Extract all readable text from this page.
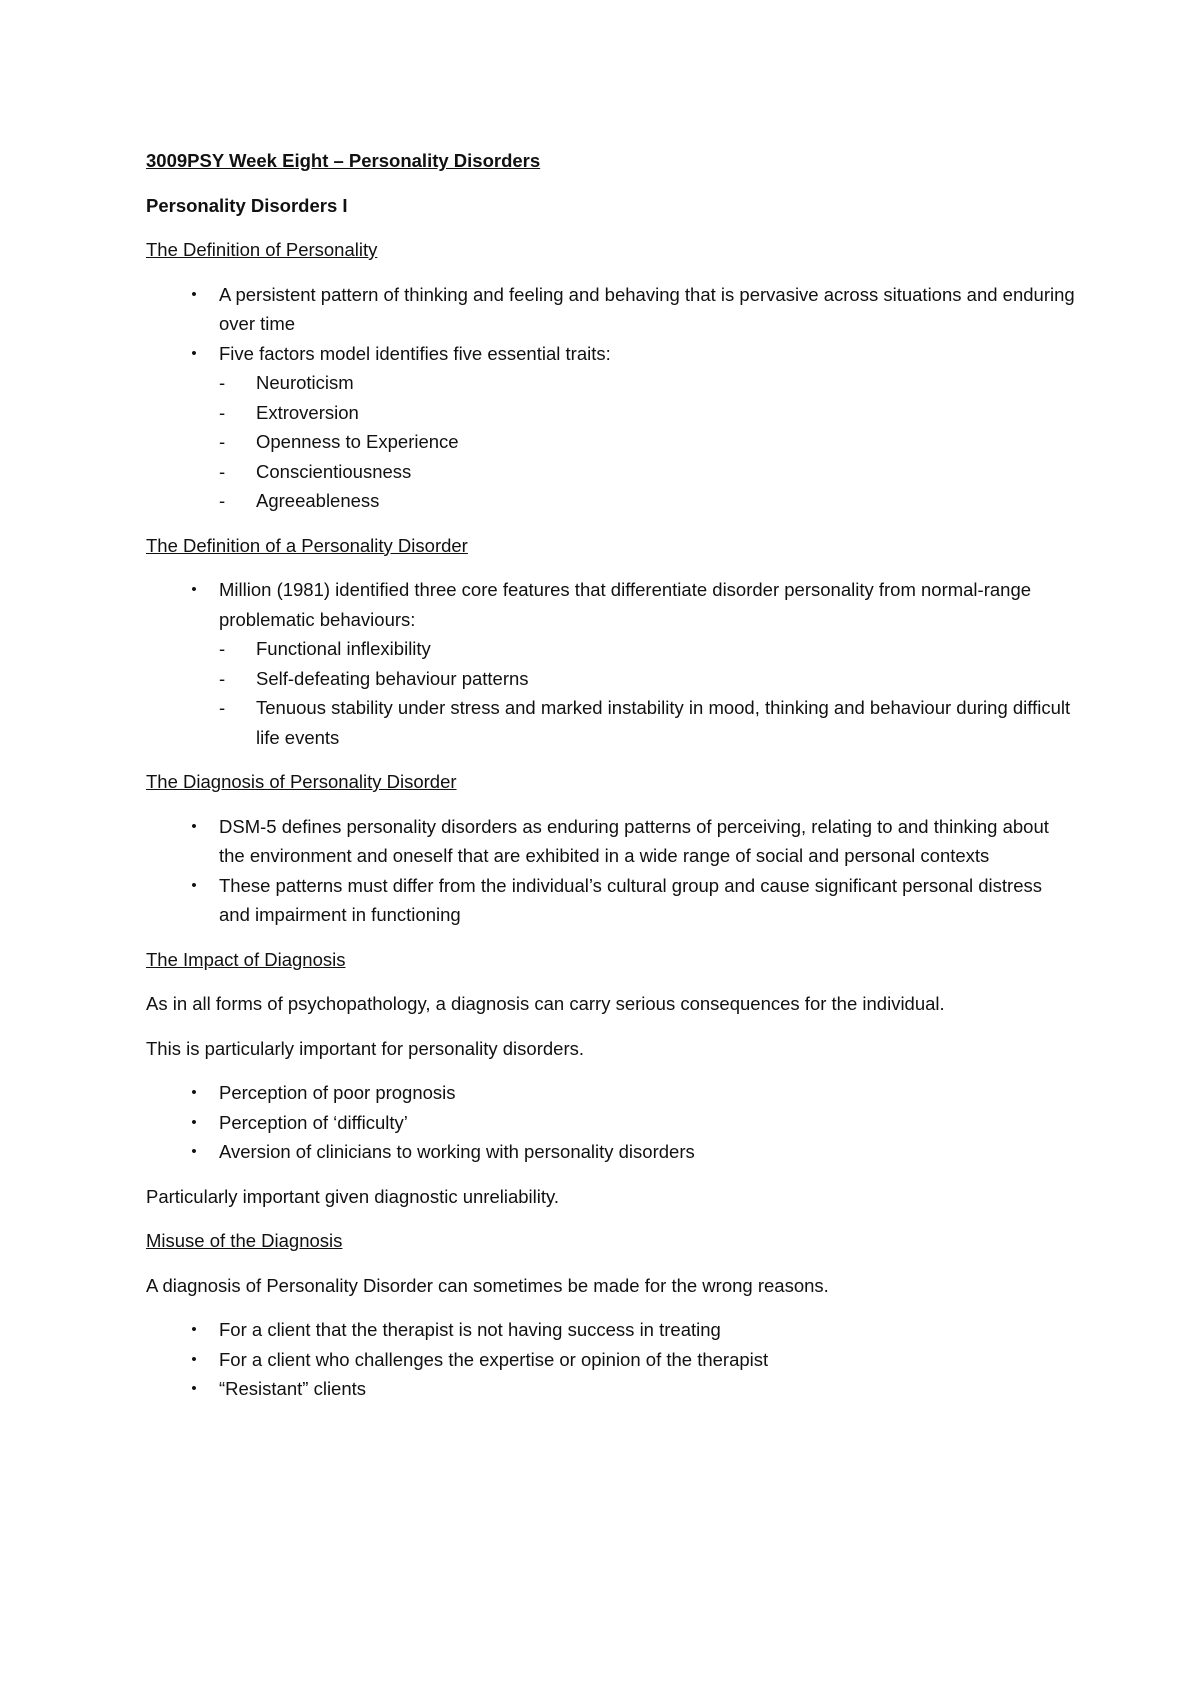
3009PSY Week Eight – Personality Disorders

Personality Disorders I

The Definition of Personality

•	A persistent pattern of thinking and feeling and behaving that is pervasive across situations and enduring over time
•	Five factors model identifies five essential traits:
-	Neuroticism
-	Extroversion
-	Openness to Experience
-	Conscientiousness
-	Agreeableness

The Definition of a Personality Disorder

•	Million (1981) identified three core features that differentiate disorder personality from normal-range problematic behaviours:
-	Functional inflexibility
-	Self-defeating behaviour patterns
-	Tenuous stability under stress and marked instability in mood, thinking and behaviour during difficult life events

The Diagnosis of Personality Disorder

•	DSM-5 defines personality disorders as enduring patterns of perceiving, relating to and thinking about the environment and oneself that are exhibited in a wide range of social and personal contexts
•	These patterns must differ from the individual’s cultural group and cause significant personal distress and impairment in functioning

The Impact of Diagnosis

As in all forms of psychopathology, a diagnosis can carry serious consequences for the individual.

This is particularly important for personality disorders.

•	Perception of poor prognosis
•	Perception of ‘difficulty’
•	Aversion of clinicians to working with personality disorders

Particularly important given diagnostic unreliability.

Misuse of the Diagnosis

A diagnosis of Personality Disorder can sometimes be made for the wrong reasons.

•	For a client that the therapist is not having success in treating
•	For a client who challenges the expertise or opinion of the therapist
•	“Resistant” clients
